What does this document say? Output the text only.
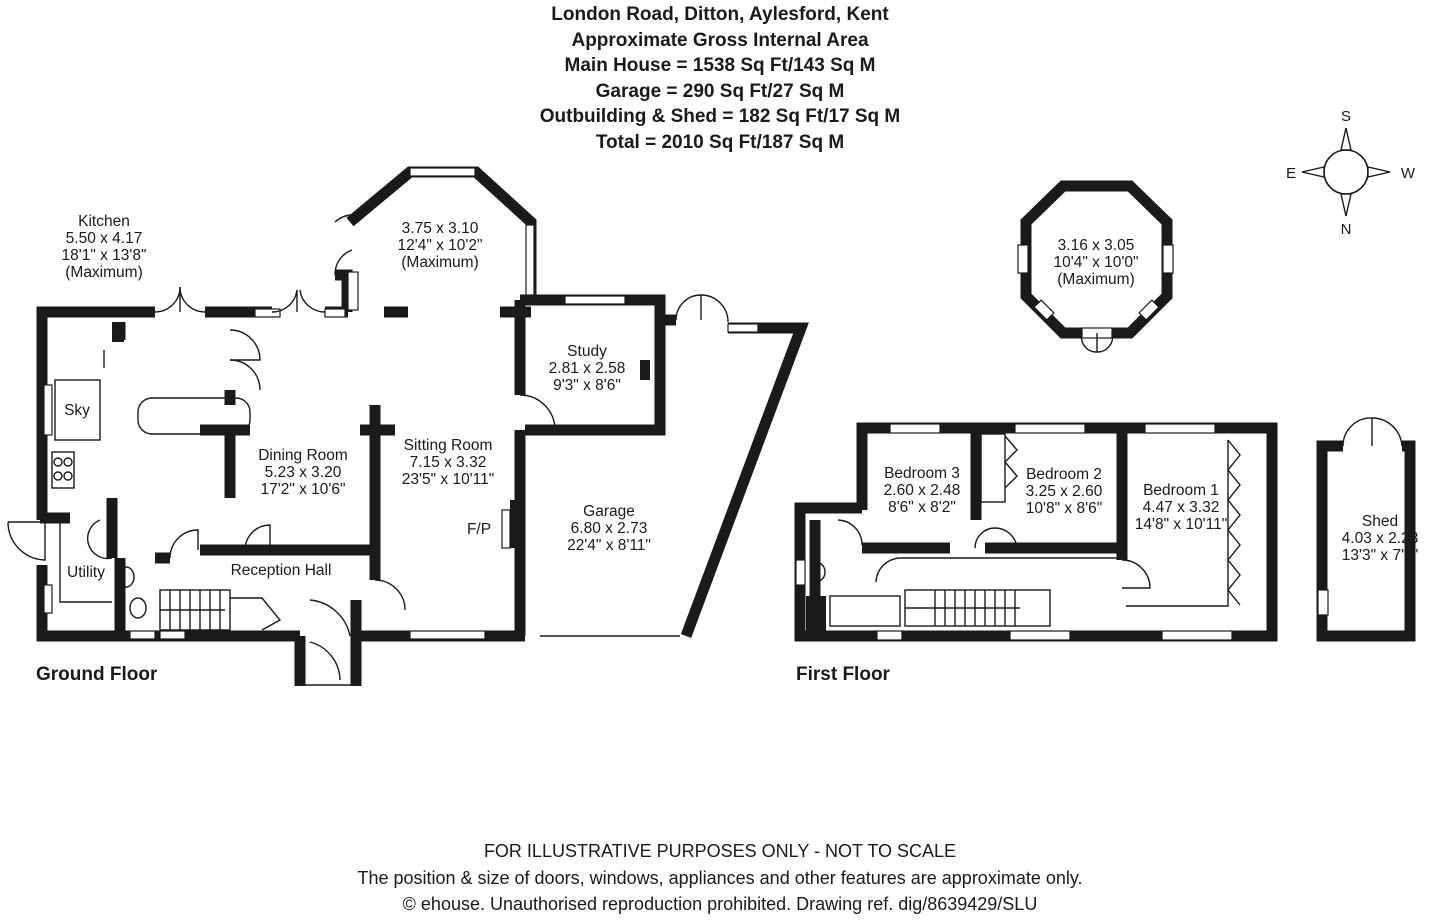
London Road, Ditton, Aylesford, Kent
Approximate Gross Internal Area
Main House = 1538 Sq Ft/143 Sq M
Garage = 290 Sq Ft/27 Sq M
Outbuilding & Shed = 182 Sq Ft/17 Sq M
Total = 2010 Sq Ft/187 Sq M
S
N
E	W
Kitchen
5.50 x 4.17
18'1" x 13'8"
(Maximum)
3.75 x 3.10
12'4" x 10'2"
(Maximum)
Study
2.81 x 2.58
9'3" x 8'6"
Dining Room
5.23 x 3.20
17'2" x 10'6"
Sitting Room
7.15 x 3.32
23'5" x 10'11"
Garage
6.80 x 2.73
22'4" x 8'11"
Utility	Reception Hall
F/P
Sky
3.16 x 3.05
10'4" x 10'0"
(Maximum)
Bedroom 3
2.60 x 2.48
8'6" x 8'2"
Bedroom 2
3.25 x 2.60
10'8" x 8'6"
Bedroom 1
4.47 x 3.32
14'8" x 10'11"	Shed
4.03 x 2.23
13'3" x 7'4"
Ground Floor	First Floor
FOR ILLUSTRATIVE PURPOSES ONLY - NOT TO SCALE
The position & size of doors, windows, appliances and other features are approximate only.
© ehouse. Unauthorised reproduction prohibited. Drawing ref. dig/8639429/SLU
